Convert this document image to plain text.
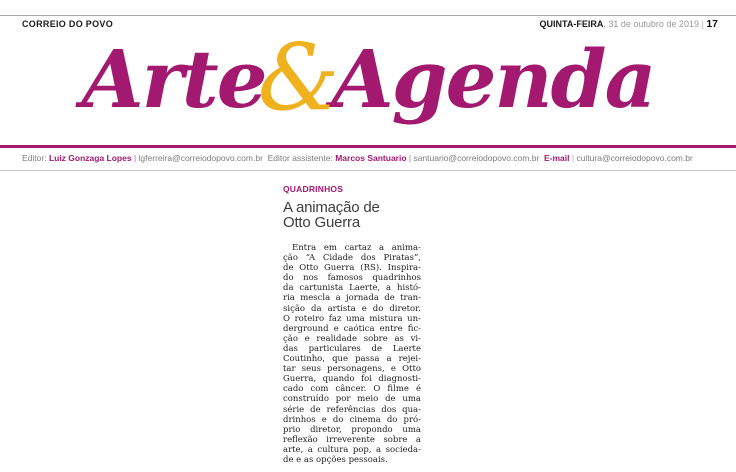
CORREIO DO POVO	QUINTA-FEIRA, 31 de outubro de 2019 | 17
Arte&Agenda
Editor: Luiz Gonzaga Lopes | lgferreira@correiodopovo.com.br  Editor assistente: Marcos Santuario | santuario@correiodopovo.com.br  E-mail | cultura@correiodopovo.com.br
QUADRINHOS
A animação de
Otto Guerra
Entra em cartaz a anima-
ção “A Cidade dos Piratas”,
de Otto Guerra (RS). Inspira-
do nos famosos quadrinhos
da cartunista Laerte, a histó-
ria mescla a jornada de tran-
sição da artista e do diretor.
O roteiro faz uma mistura un-
derground e caótica entre fic-
ção e realidade sobre as vi-
das particulares de Laerte
Coutinho, que passa a rejei-
tar seus personagens, e Otto
Guerra, quando foi diagnosti-
cado com câncer. O filme é
construído por meio de uma
série de referências dos qua-
drinhos e do cinema do pró-
prio diretor, propondo uma
reflexão irreverente sobre a
arte, a cultura pop, a socieda-
de e as opções pessoais.
